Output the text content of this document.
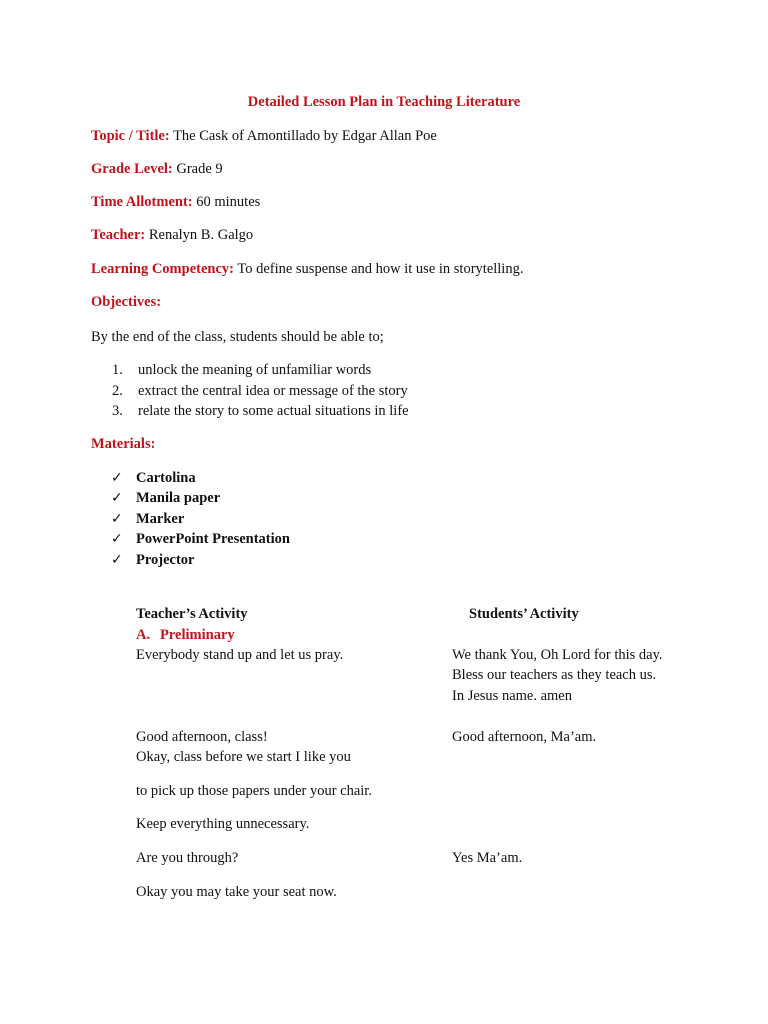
Detailed Lesson Plan in Teaching Literature
Topic / Title: The Cask of Amontillado by Edgar Allan Poe
Grade Level: Grade 9
Time Allotment: 60 minutes
Teacher: Renalyn B. Galgo
Learning Competency: To define suspense and how it use in storytelling.
Objectives:
By the end of the class, students should be able to;
1. unlock the meaning of unfamiliar words
2. extract the central idea or message of the story
3. relate the story to some actual situations in life
Materials:
✓ Cartolina
✓ Manila paper
✓ Marker
✓ PowerPoint Presentation
✓ Projector
Teacher’s Activity	Students’ Activity
A. Preliminary
Everybody stand up and let us pray.
Good afternoon, class!
Okay, class before we start I like you
to pick up those papers under your chair.
Keep everything unnecessary.
Are you through?
Okay you may take your seat now.
We thank You, Oh Lord for this day.
Bless our teachers as they teach us.
In Jesus name. amen
Good afternoon, Ma’am.
Yes Ma’am.
